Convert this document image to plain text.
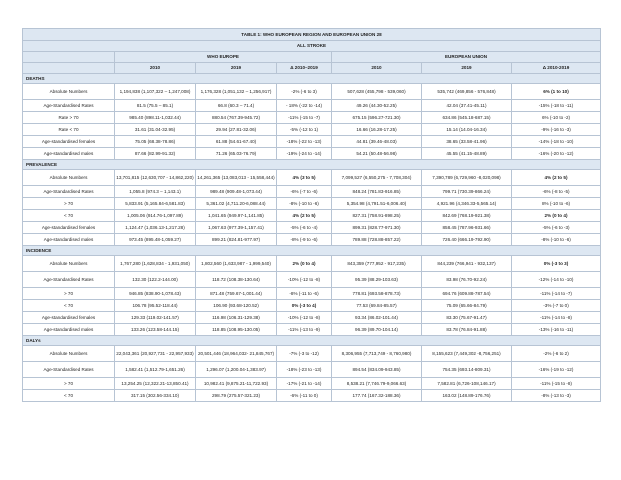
TABLE 1: WHO EUROPEAN REGION AND EUROPEAN UNION 28						
ALL STROKE						
	WHO EUROPE			EUROPEAN UNION		
	2010	2019	Δ 2010–2019	2010	2019	Δ 2010-2019
DEATHS						
Absolute Numbers	1,194,838 (1,107,322 – 1,247,008)	1,176,328 (1,051,132 – 1,256,917)	-2% (-6 to 3)	507,628 (455,798 - 539,060)	535,742 (469,856 - 576,848)	6% (1 to 10)
Age-Standardised Rates	81.5 (75.5 – 85.1)	66.8 (60.3 – 71.4)	- 18% (-22 to -14)	49.26 (44.30-52.25)	42.04 (37.41-45.11)	-15% (-18 to -11)
Rate > 70	985.40 (898.11-1,032.44)	880.54 (767.39-945.72)	-11% (-15 to -7)	675.15 (596.27-721.30)	634.86 (545.18-687.15)	6% (-10 to -2)
Rate < 70	31.61 (31.04-32.95)	29.94 (27.81-32.06)	-5% (-12 to 1)	16.66 (16.28-17.25)	15.14 (14.04-16.34)	-9% (-16 to -3)
Age-standardised females	75.05 (68.38-78.86)	61.88 (54.61-67.40)	-18% (-22 to -13)	44.81 (39.46-48.03)	38.65 (33.58-41.96)	-14% (-18 to -10)
Age-standardised males	87.66 (82.99-91.32)	71.26 (65.03-76.79)	-19% (-24 to -14)	54.21 (50.48-56.98)	45.55 (41.15-48.89)	-16% (-20 to -12)
PREVALENCE						
Absolute Numbers	13,701,815 (12,630,707 - 14,862,220)	14,261,365 (13,083,013 - 15,558,444)	4% (3 to 5)	7,099,527 (6,550,275 - 7,708,304)	7,390,789 (6,729,960 -8,020,098)	4% (2 to 5)
Age-Standardised Rates	1,055.8 (974.3 – 1,143.1)	989.48 (909.48-1,073.44)	-6% (-7 to -6)	848.24 (781.83-916.85)	799.71 (730.39-866.24)	-6% (-8 to -5)
> 70	5,833.91 (5,165.84-6,581.83)	5,361.02 (4,711.20-6,088.44)	-8% (-10 to -6)	5,354.98 (4,791.51-6,006.40)	4,921.96 (4,346.33-5,565.14)	8% (-10 to -6)
< 70	1,005.06 (914.76-1,097.89)	1,041.65 (949.97-1,141.85)	4% (2 to 5)	827.31 (758.91-898.25)	842.69 (768.19-921.38)	2% (0 to 4)
Age-standardised females	1,124.47 (1,036.13-1,217.28)	1,067.63 (977.39-1,157.41)	-5% (-6 to -4)	899.31 (828.77-971.30)	858.45 (787.96-931.66)	-5% (-6 to -3)
Age-standardised males	973.45 (895.48-1,059.27)	899.21 (824.81-977.97)	-8% (-9 to -6)	789.88 (728.88-857.22)	726.40 (666.19-792.90)	-8% (-10 to -6)
INCIDENCE						
Absolute Numbers	1,767,280 (1,628,834 - 1,931,050)	1,802,560 (1,633,987 - 1,999,540)	2% (0 to 4)	843,359 (777,952 - 917,235)	844,239 (766,941 - 932,137)	0% (-3 to 3)
Age-Standardised Rates	132.30 (122.2-144.00)	118.72 (108.38-130.64)	-10% (-12 to -8)	95.39 (88.29-103.63)	83.98 (76.70-92.24)	-12% (-14 to -10)
> 70	946.85 (838.90-1,078.43)	871.48 (759.67-1,001.44)	-8% (-11 to -6)	778.81 (693.58-878.73)	694.76 (609.88-787.54)	-11% (-14 to -7)
< 70	106.78 (95.52-118.44)	106.90 (93.68-120.52)	0% (-3 to 4)	77.53 (69.84-85.57)	75.09 (65.66-84.79)	-3% (-7 to 0)
Age-standardised females	129.33 (119.02-141.57)	116.98 (106.31-129.38)	-10% (-12 to -8)	93.34 (86.02-101.44)	83.30 (75.67-91.47)	-11% (-14 to -8)
Age-standardised males	133.26 (123.58-144.15)	118.85 (108.95-130.05)	-11% (-13 to -9)	96.39 (89.70-104.14)	83.78 (76.84-91.88)	-13% (-16 to -11)
DALYs						
Absolute Numbers	22,043,361 (20,927,731 - 22,957,933)	20,501,446 (18,964,032- 21,845,767)	-7% (-3 to -12)	8,306,955 (7,713,749 - 8,760,980)	8,155,623 (7,449,302 -8,756,251)	-2% (-6 to 2)
Age-Standardised Rates	1,582.41 (1,512.79-1,651.26)	1,296.07 (1,200.04-1,383.97)	-18% (-23 to -13)	894.54 (834.09-943.85)	754.35 (693.14-809.31)	-16% (-19 to -12)
> 70	13,254.25 (12,322.21-13,850.41)	10,982.41 (9,875.21-11,722.93)	-17% (-21 to -14)	8,538.21 (7,746.79-9,066.63)	7,582.81 (6,726-108,146.17)	-11% (-15 to -8)
< 70	317.15 (302.56-334.10)	298.79 (275.57-321.23)	-6% (-11 to 0)	177.74 (167.32-188.36)	163.02 (148.89-176.76)	-8% (-13 to -3)
